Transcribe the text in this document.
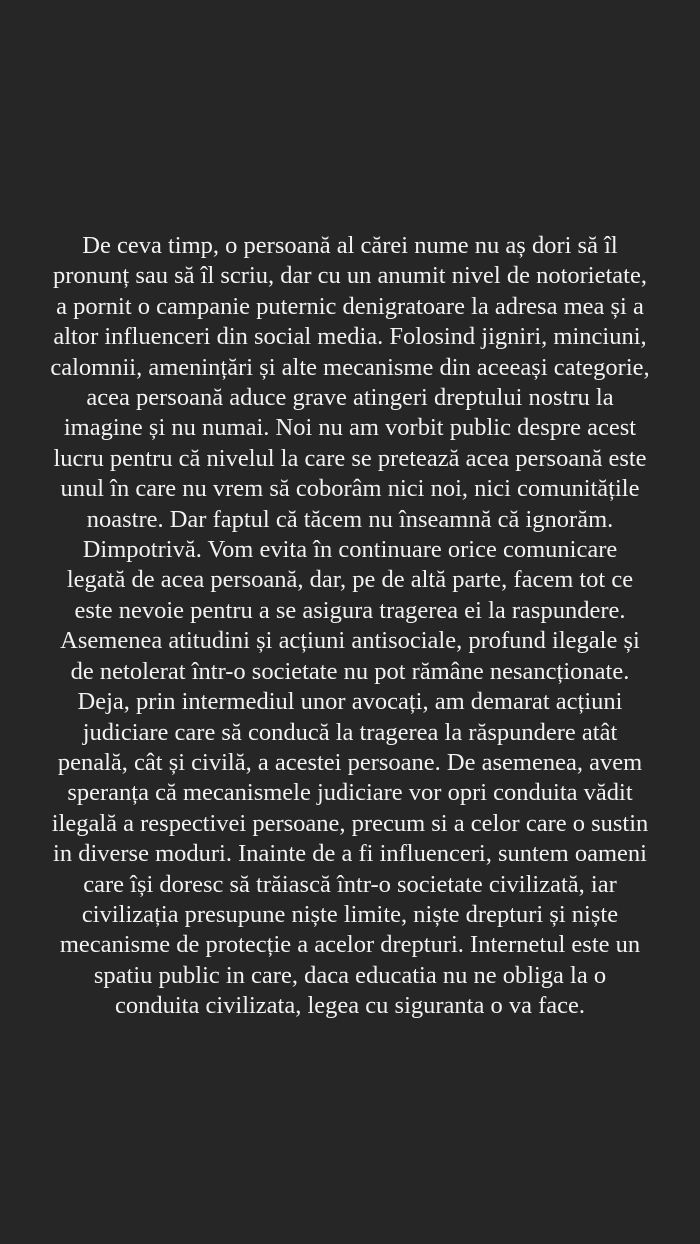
De ceva timp, o persoană al cărei nume nu aș dori să îl
pronunț sau să îl scriu, dar cu un anumit nivel de notorietate,
a pornit o campanie puternic denigratoare la adresa mea și a
altor influenceri din social media. Folosind jigniri, minciuni,
calomnii, amenințări și alte mecanisme din aceeași categorie,
acea persoană aduce grave atingeri dreptului nostru la
imagine și nu numai. Noi nu am vorbit public despre acest
lucru pentru că nivelul la care se pretează acea persoană este
unul în care nu vrem să coborâm nici noi, nici comunitățile
noastre. Dar faptul că tăcem nu înseamnă că ignorăm.
Dimpotrivă. Vom evita în continuare orice comunicare
legată de acea persoană, dar, pe de altă parte, facem tot ce
este nevoie pentru a se asigura tragerea ei la raspundere.
Asemenea atitudini și acțiuni antisociale, profund ilegale și
de netolerat într-o societate nu pot rămâne nesancționate.
Deja, prin intermediul unor avocați, am demarat acțiuni
judiciare care să conducă la tragerea la răspundere atât
penală, cât și civilă, a acestei persoane. De asemenea, avem
speranța că mecanismele judiciare vor opri conduita vădit
ilegală a respectivei persoane, precum si a celor care o sustin
in diverse moduri. Inainte de a fi influenceri, suntem oameni
care își doresc să trăiască într-o societate civilizată, iar
civilizația presupune niște limite, niște drepturi și niște
mecanisme de protecție a acelor drepturi. Internetul este un
spatiu public in care, daca educatia nu ne obliga la o
conduita civilizata, legea cu siguranta o va face.
